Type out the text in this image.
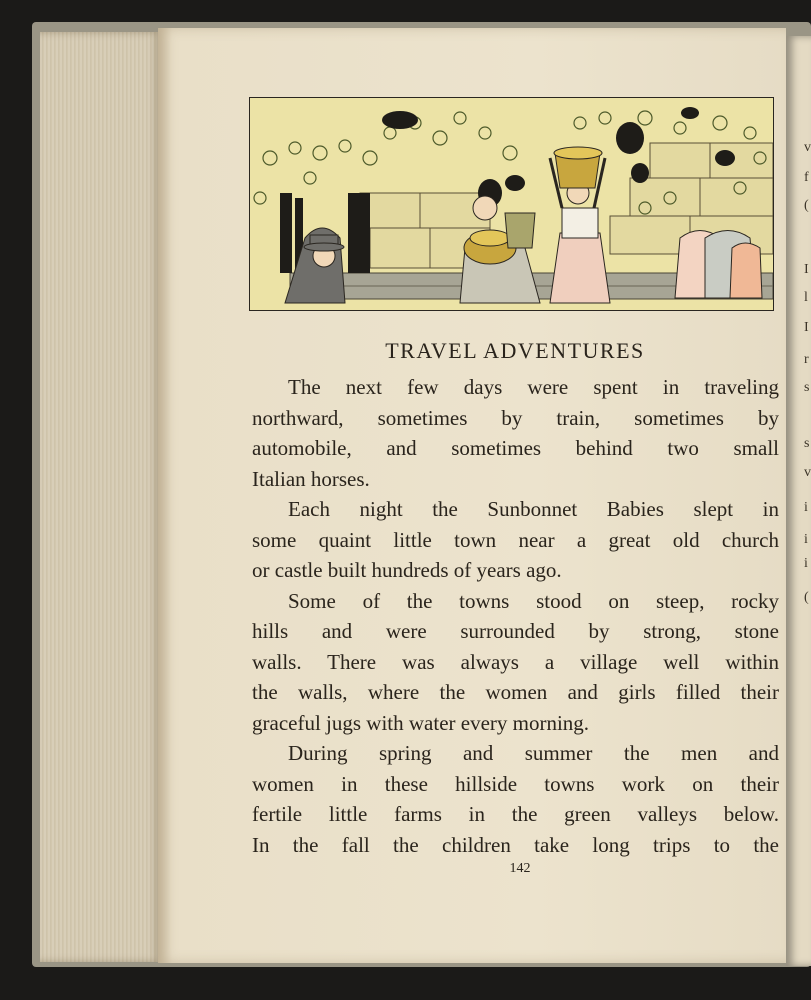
v
f
(
I
l
I
r
s
s
v
i
i
i
(
TRAVEL ADVENTURES
The next few days were spent in traveling
northward, sometimes by train, sometimes by
automobile, and sometimes behind two small
Italian horses.
Each night the Sunbonnet Babies slept in
some quaint little town near a great old church
or castle built hundreds of years ago.
Some of the towns stood on steep, rocky
hills and were surrounded by strong, stone
walls. There was always a village well within
the walls, where the women and girls filled their
graceful jugs with water every morning.
During spring and summer the men and
women in these hillside towns work on their
fertile little farms in the green valleys below.
In the fall the children take long trips to the
142
